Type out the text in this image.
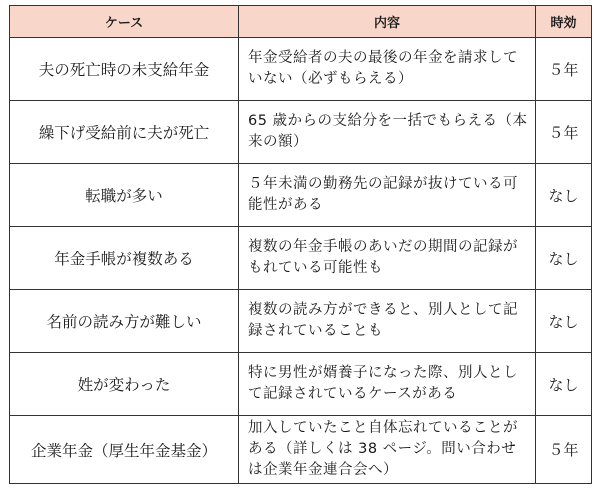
ケース	内容	時効
夫の死亡時の未支給年金	年金受給者の夫の最後の年金を請求していない（必ずもらえる）	５年
繰下げ受給前に夫が死亡	65 歳からの支給分を一括でもらえる（本来の額）	５年
転職が多い	５年未満の勤務先の記録が抜けている可能性がある	なし
年金手帳が複数ある	複数の年金手帳のあいだの期間の記録がもれている可能性も	なし
名前の読み方が難しい	複数の読み方ができると、別人として記録されていることも	なし
姓が変わった	特に男性が婿養子になった際、別人として記録されているケースがある	なし
企業年金（厚生年金基金）	加入していたこと自体忘れていることがある（詳しくは 38 ページ。問い合わせは企業年金連合会へ）	５年
